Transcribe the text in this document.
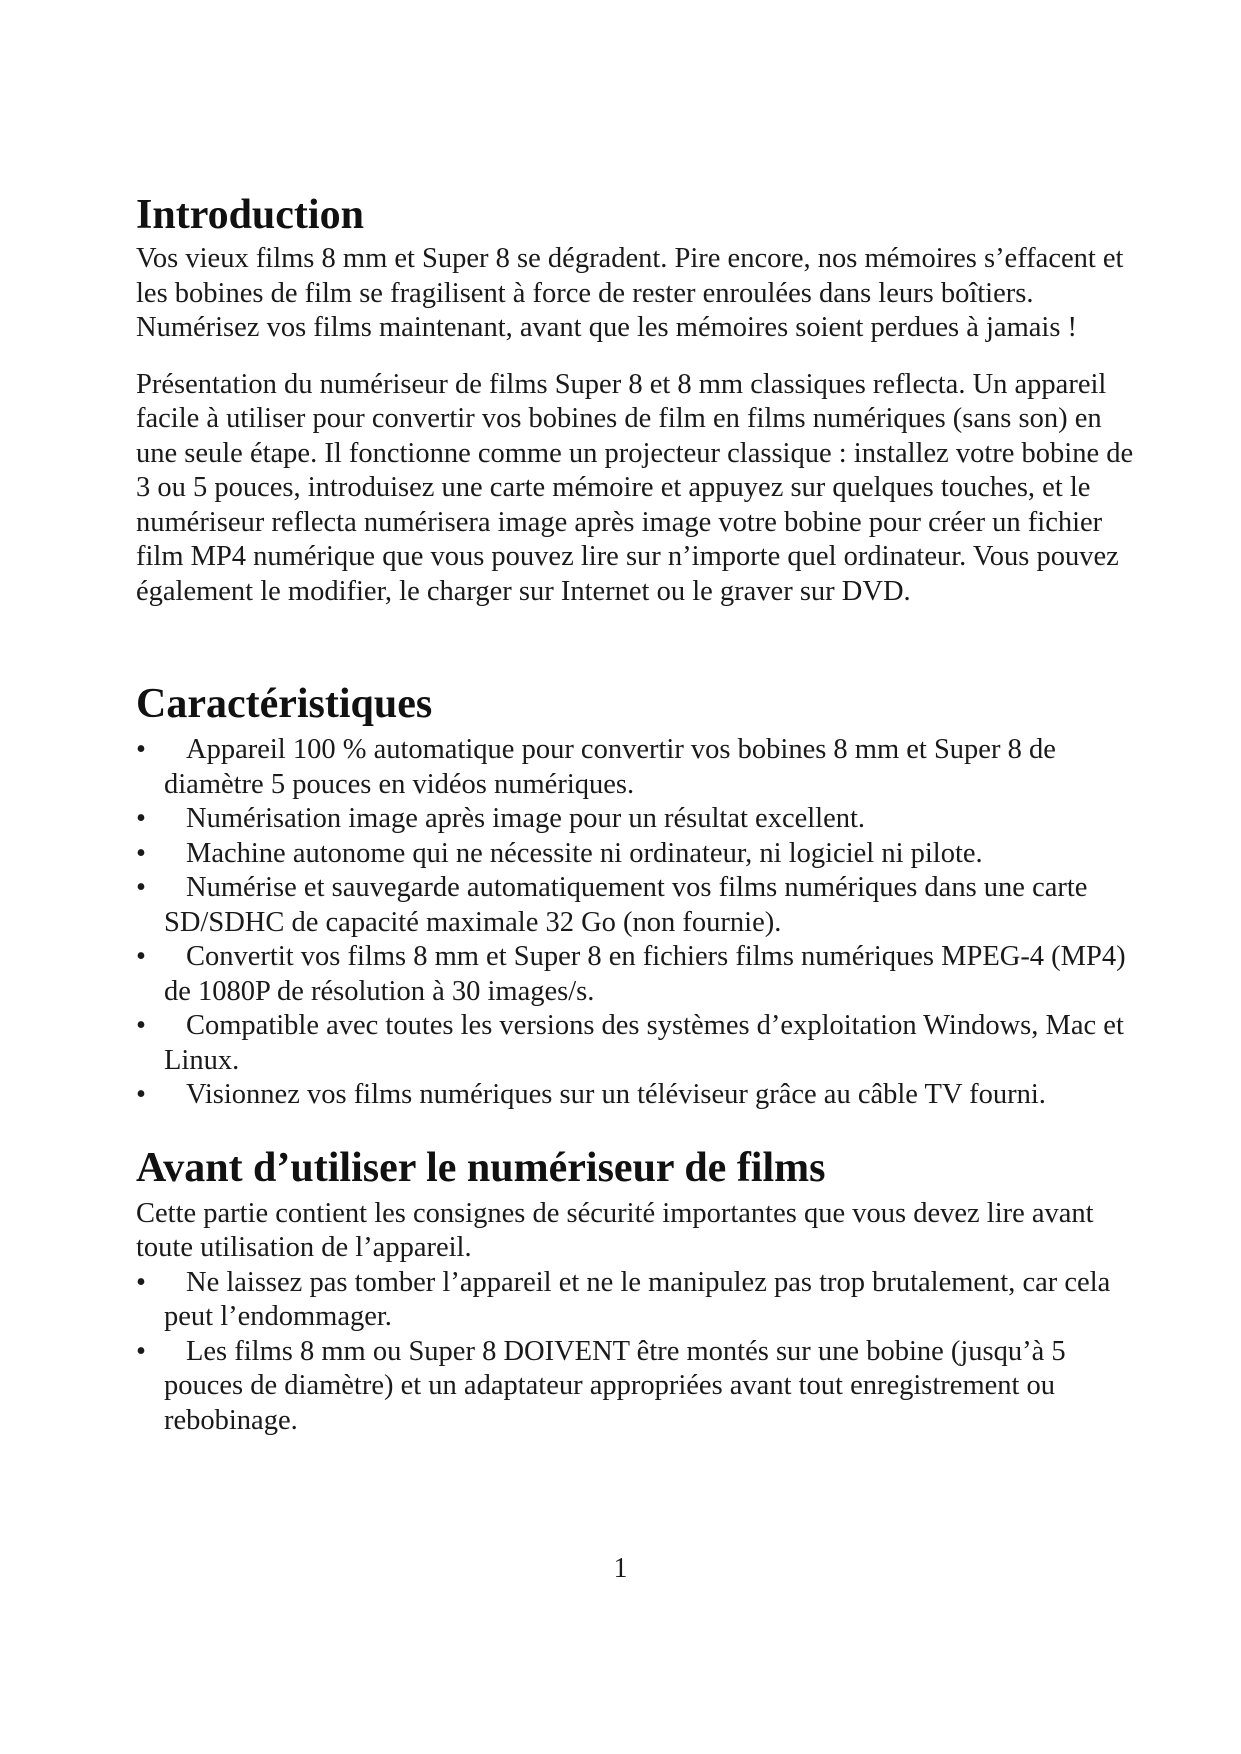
Introduction

Vos vieux films 8 mm et Super 8 se dégradent. Pire encore, nos mémoires s’effacent et les bobines de film se fragilisent à force de rester enroulées dans leurs boîtiers. Numérisez vos films maintenant, avant que les mémoires soient perdues à jamais !

Présentation du numériseur de films Super 8 et 8 mm classiques reflecta. Un appareil facile à utiliser pour convertir vos bobines de film en films numériques (sans son) en une seule étape. Il fonctionne comme un projecteur classique : installez votre bobine de 3 ou 5 pouces, introduisez une carte mémoire et appuyez sur quelques touches, et le numériseur reflecta numérisera image après image votre bobine pour créer un fichier film MP4 numérique que vous pouvez lire sur n’importe quel ordinateur. Vous pouvez également le modifier, le charger sur Internet ou le graver sur DVD.

Caractéristiques
•	Appareil 100 % automatique pour convertir vos bobines 8 mm et Super 8 de diamètre 5 pouces en vidéos numériques.
•	Numérisation image après image pour un résultat excellent.
•	Machine autonome qui ne nécessite ni ordinateur, ni logiciel ni pilote.
•	Numérise et sauvegarde automatiquement vos films numériques dans une carte SD/SDHC de capacité maximale 32 Go (non fournie).
•	Convertit vos films 8 mm et Super 8 en fichiers films numériques MPEG-4 (MP4) de 1080P de résolution à 30 images/s.
•	Compatible avec toutes les versions des systèmes d’exploitation Windows, Mac et Linux.
•	Visionnez vos films numériques sur un téléviseur grâce au câble TV fourni.
Avant d’utiliser le numériseur de films

Cette partie contient les consignes de sécurité importantes que vous devez lire avant toute utilisation de l’appareil.

•	Ne laissez pas tomber l’appareil et ne le manipulez pas trop brutalement, car cela peut l’endommager.
•	Les films 8 mm ou Super 8 DOIVENT être montés sur une bobine (jusqu’à 5 pouces de diamètre) et un adaptateur appropriées avant tout enregistrement ou rebobinage.
1
